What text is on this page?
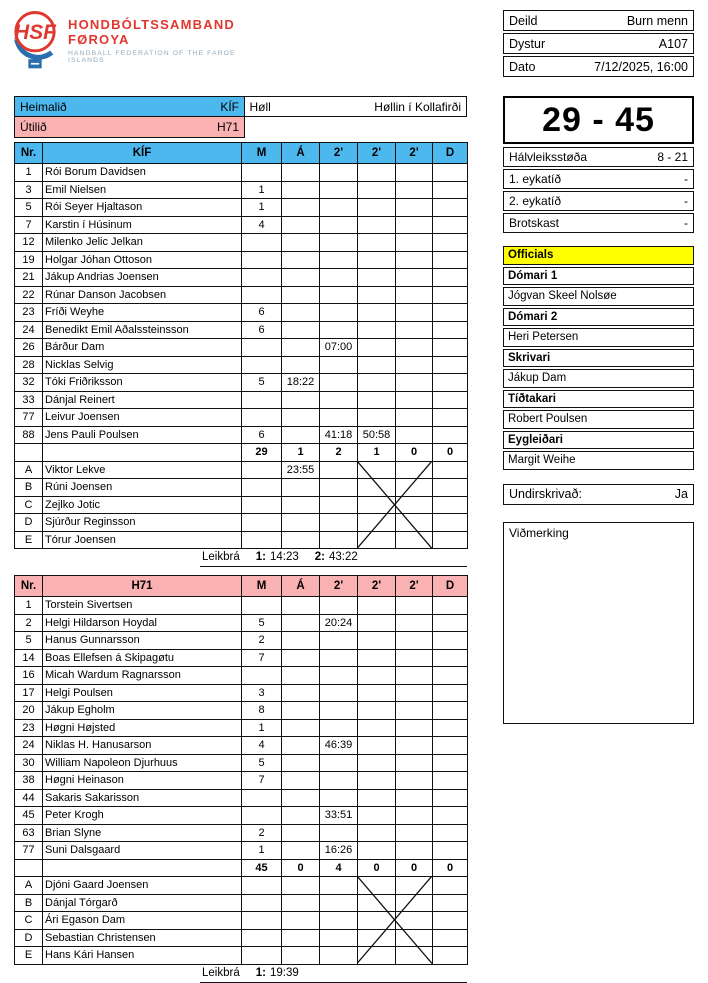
HSF HONDBÓLTSSAMBAND FØROYA
HANDBALL FEDERATION OF THE FAROE ISLANDS
Deild	Burn menn
Dystur	A107
Dato	7/12/2025, 16:00
29 - 45
Hálvleiksstøða	8 - 21
1. eykatíð	-
2. eykatíð	-
Brotskast	-
Officials
Dómari 1
Jógvan Skeel Nolsøe
Dómari 2
Heri Petersen
Skrivari
Jákup Dam
Tíðtakari
Robert Poulsen
Eygleiðari
Margit Weihe
Undirskrivað:	Ja
Viðmerking
Heimalið	KÍF Høll	Høllin í Kollafirði
Útilið	H71
Nr.	KÍF	M	Á	2'	2'	2'	D
1	Rói Borum Davidsen						
3	Emil Nielsen	1					
5	Rói Seyer Hjaltason	1					
7	Karstin í Húsinum	4					
12	Milenko Jelic Jelkan						
19	Holgar Jóhan Ottoson						
21	Jákup Andrias Joensen						
22	Rúnar Danson Jacobsen						
23	Fríði Weyhe	6					
24	Benedikt Emil Aðalssteinsson	6					
26	Bárður Dam			07:00			
28	Nicklas Selvig						
32	Tóki Friðriksson	5	18:22				
33	Dánjal Reinert						
77	Leivur Joensen						
88	Jens Pauli Poulsen	6		41:18	50:58		
		29	1	2	1	0	0
A	Viktor Lekve		23:55				
B	Rúni Joensen						
C	Zejlko Jotic						
D	Sjúrður Reginsson						
E	Tórur Joensen						
Leikbrá 1: 14:23 2: 43:22
Nr.	H71	M	Á	2'	2'	2'	D
1	Torstein Sivertsen						
2	Helgi Hildarson Hoydal	5		20:24			
5	Hanus Gunnarsson	2					
14	Boas Ellefsen á Skipagøtu	7					
16	Micah Wardum Ragnarsson						
17	Helgi Poulsen	3					
20	Jákup Egholm	8					
23	Høgni Højsted	1					
24	Niklas H. Hanusarson	4		46:39			
30	William Napoleon Djurhuus	5					
38	Høgni Heinason	7					
44	Sakaris Sakarisson						
45	Peter Krogh			33:51			
63	Brian Slyne	2					
77	Suni Dalsgaard	1		16:26			
		45	0	4	0	0	0
A	Djóni Gaard Joensen						
B	Dánjal Tórgarð						
C	Ári Egason Dam						
D	Sebastian Christensen						
E	Hans Kári Hansen						
Leikbrá 1: 19:39
